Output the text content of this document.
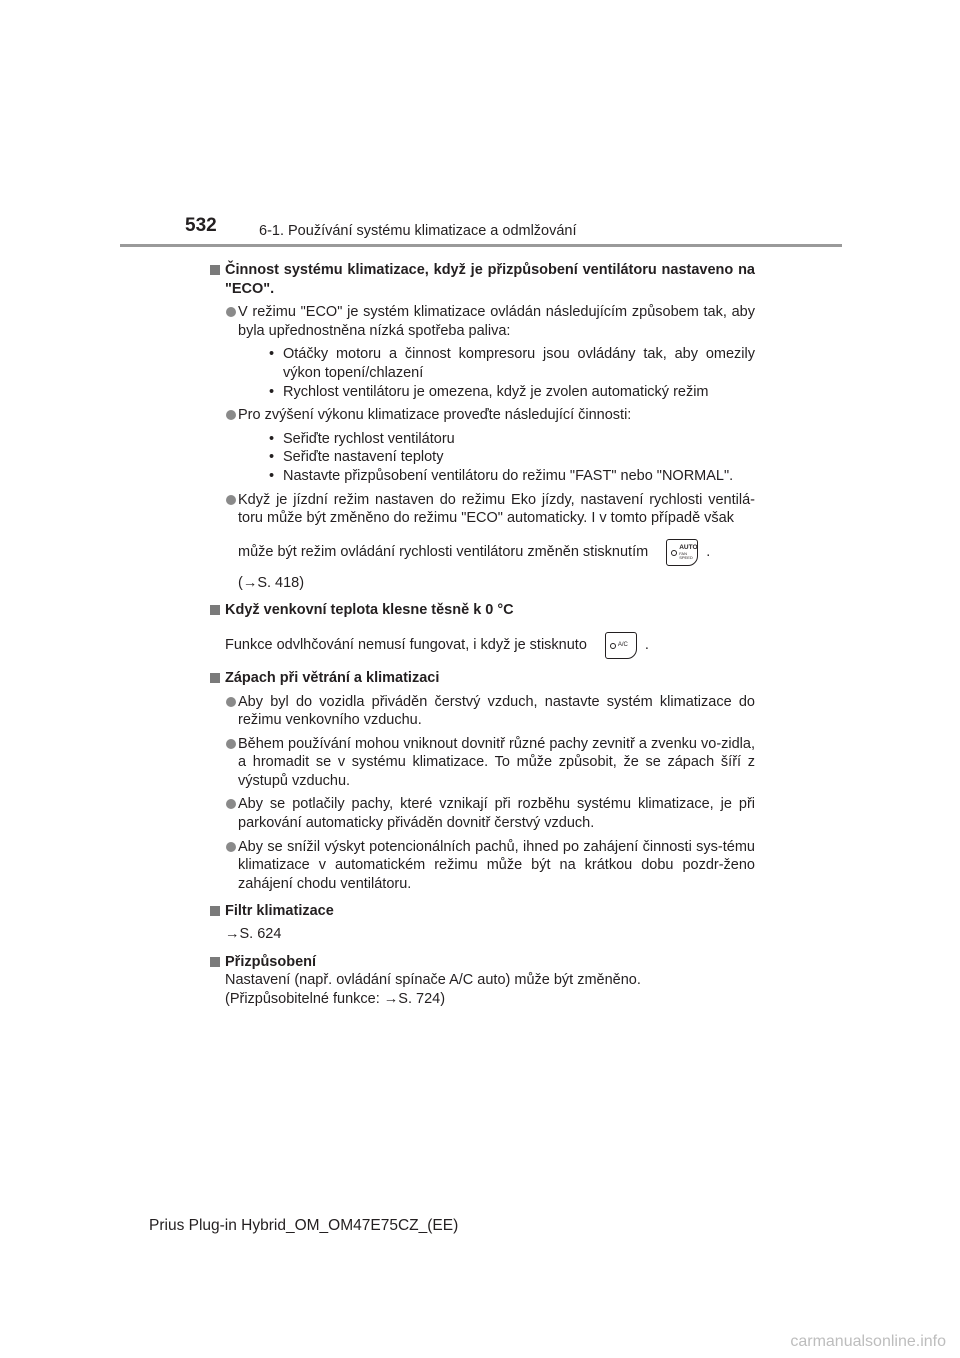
532	6-1. Používání systému klimatizace a odmlžování
Činnost systému klimatizace, když je přizpůsobení ventilátoru nastaveno na "ECO".
V režimu "ECO" je systém klimatizace ovládán následujícím způsobem tak, aby byla upřednostněna nízká spotřeba paliva:
• Otáčky motoru a činnost kompresoru jsou ovládány tak, aby omezily výkon topení/chlazení
• Rychlost ventilátoru je omezena, když je zvolen automatický režim
Pro zvýšení výkonu klimatizace proveďte následující činnosti:
• Seřiďte rychlost ventilátoru
• Seřiďte nastavení teploty
• Nastavte přizpůsobení ventilátoru do režimu "FAST" nebo "NORMAL".
Když je jízdní režim nastaven do režimu Eko jízdy, nastavení rychlosti ventilá-toru může být změněno do režimu "ECO" automaticky. I v tomto případě však
může být režim ovládání rychlosti ventilátoru změněn stisknutím	AUTO
FAN SPEED .
(→S. 418)
Když venkovní teplota klesne těsně k 0 °C
Funkce odvlhčování nemusí fungovat, i když je stisknuto	A/C .
Zápach při větrání a klimatizaci
Aby byl do vozidla přiváděn čerstvý vzduch, nastavte systém klimatizace do režimu venkovního vzduchu.
Během používání mohou vniknout dovnitř různé pachy zevnitř a zvenku vo-zidla, a hromadit se v systému klimatizace. To může způsobit, že se zápach šíří z výstupů vzduchu.
Aby se potlačily pachy, které vznikají při rozběhu systému klimatizace, je při parkování automaticky přiváděn dovnitř čerstvý vzduch.
Aby se snížil výskyt potencionálních pachů, ihned po zahájení činnosti sys-tému klimatizace v automatickém režimu může být na krátkou dobu pozdr-ženo zahájení chodu ventilátoru.
Filtr klimatizace
→S. 624
Přizpůsobení
Nastavení (např. ovládání spínače A/C auto) může být změněno.
(Přizpůsobitelné funkce: →S. 724)
Prius Plug-in Hybrid_OM_OM47E75CZ_(EE)
carmanualsonline.info
